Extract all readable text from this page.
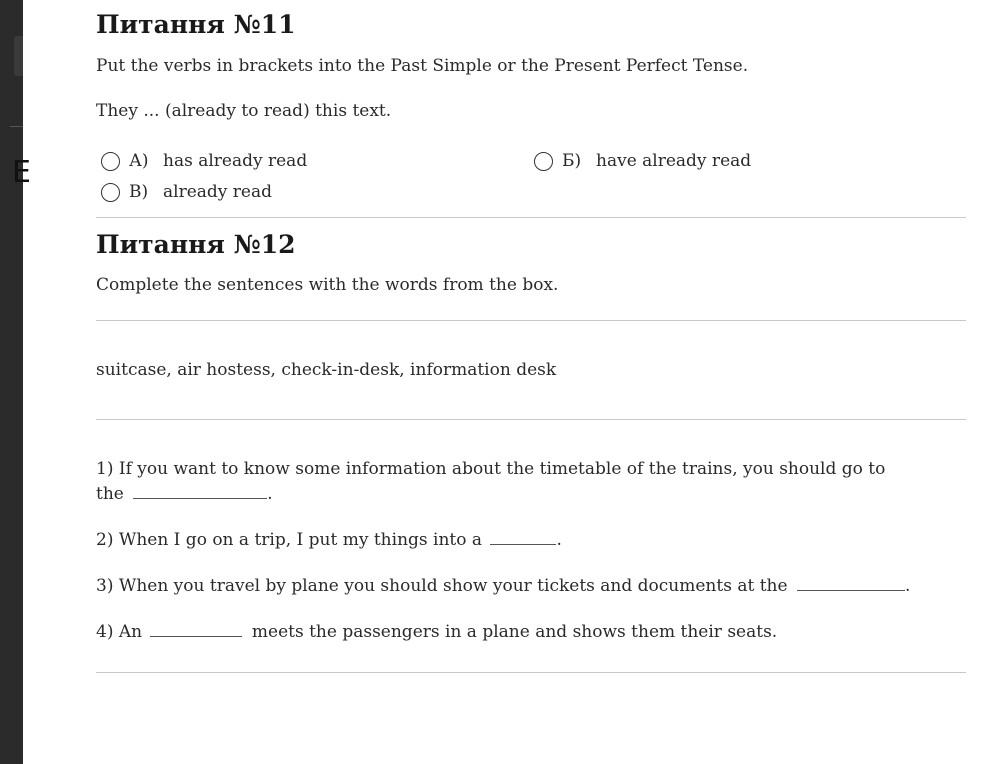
E
Питання №11

Put the verbs in brackets into the Past Simple or the Present Perfect Tense.

They ... (already to read) this text.

А) has already read	Б) have already read
В) already read
Питання №12

Complete the sentences with the words from the box.

suitcase, air hostess, check-in-desk, information desk

1) If you want to know some information about the timetable of the trains, you should go to
the	.
2) When I go on a trip, I put my things into a	.
3) When you travel by plane you should show your tickets and documents at the	.
4) An	meets the passengers in a plane and shows them their seats.
